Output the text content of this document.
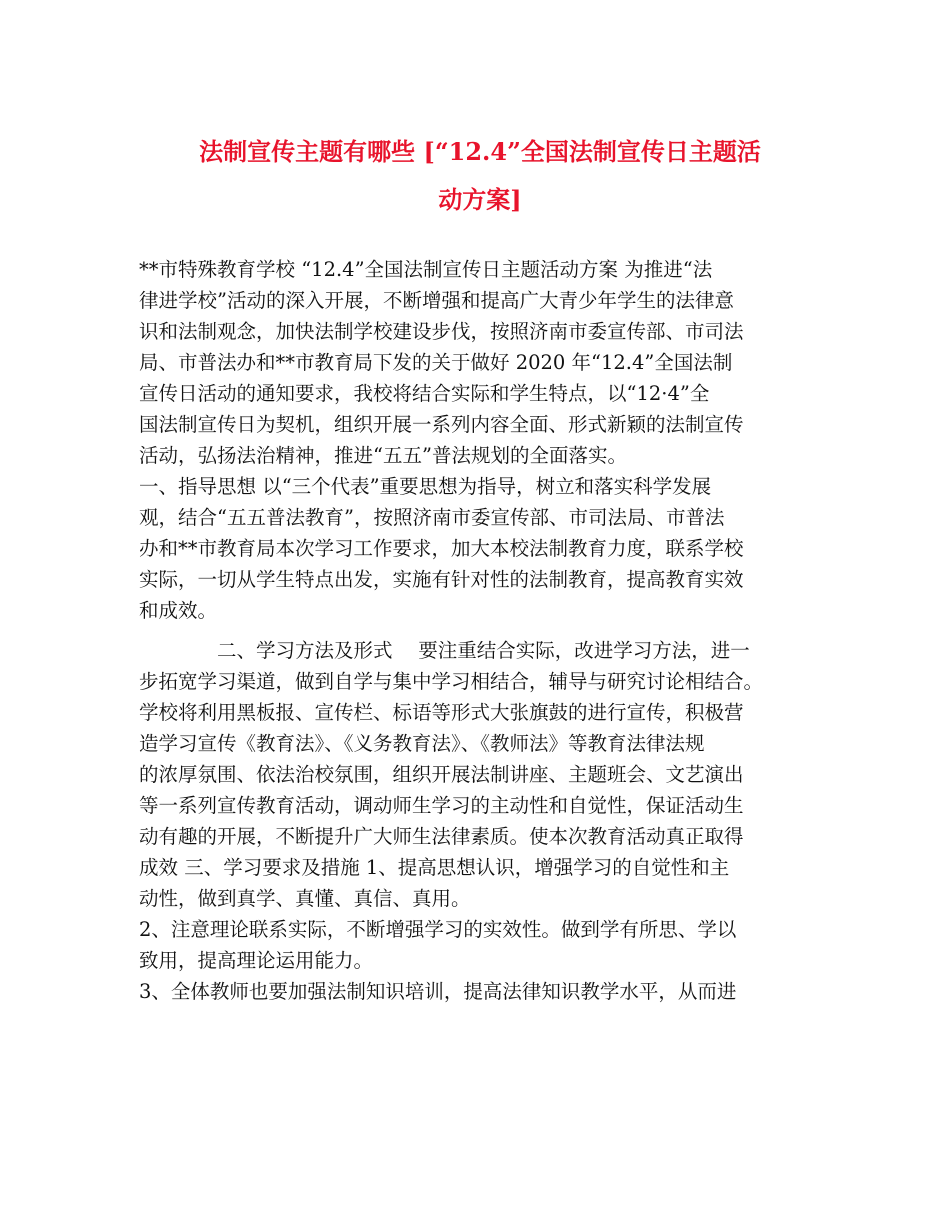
法制宣传主题有哪些 [“12.4”全国法制宣传日主题活
动方案]
**市特殊教育学校 “12.4”全国法制宣传日主题活动方案 为推进“法
律进学校”活动的深入开展，不断增强和提高广大青少年学生的法律意
识和法制观念，加快法制学校建设步伐，按照济南市委宣传部、市司法
局、市普法办和**市教育局下发的关于做好 2020 年“12.4”全国法制
宣传日活动的通知要求，我校将结合实际和学生特点，以“12·4”全
国法制宣传日为契机，组织开展一系列内容全面、形式新颖的法制宣传
活动，弘扬法治精神，推进“五五”普法规划的全面落实。
一、指导思想 以“三个代表”重要思想为指导，树立和落实科学发展
观，结合“五五普法教育”，按照济南市委宣传部、市司法局、市普法
办和**市教育局本次学习工作要求，加大本校法制教育力度，联系学校
实际，一切从学生特点出发，实施有针对性的法制教育，提高教育实效
和成效。
　　　　二、学习方法及形式　 要注重结合实际，改进学习方法，进一
步拓宽学习渠道，做到自学与集中学习相结合，辅导与研究讨论相结合。
学校将利用黑板报、宣传栏、标语等形式大张旗鼓的进行宣传，积极营
造学习宣传《教育法》、《义务教育法》、《教师法》等教育法律法规
的浓厚氛围、依法治校氛围，组织开展法制讲座、主题班会、文艺演出
等一系列宣传教育活动，调动师生学习的主动性和自觉性，保证活动生
动有趣的开展，不断提升广大师生法律素质。使本次教育活动真正取得
成效 三、学习要求及措施 1、提高思想认识，增强学习的自觉性和主
动性，做到真学、真懂、真信、真用。
2、注意理论联系实际，不断增强学习的实效性。做到学有所思、学以
致用，提高理论运用能力。
3、全体教师也要加强法制知识培训，提高法律知识教学水平，从而进
